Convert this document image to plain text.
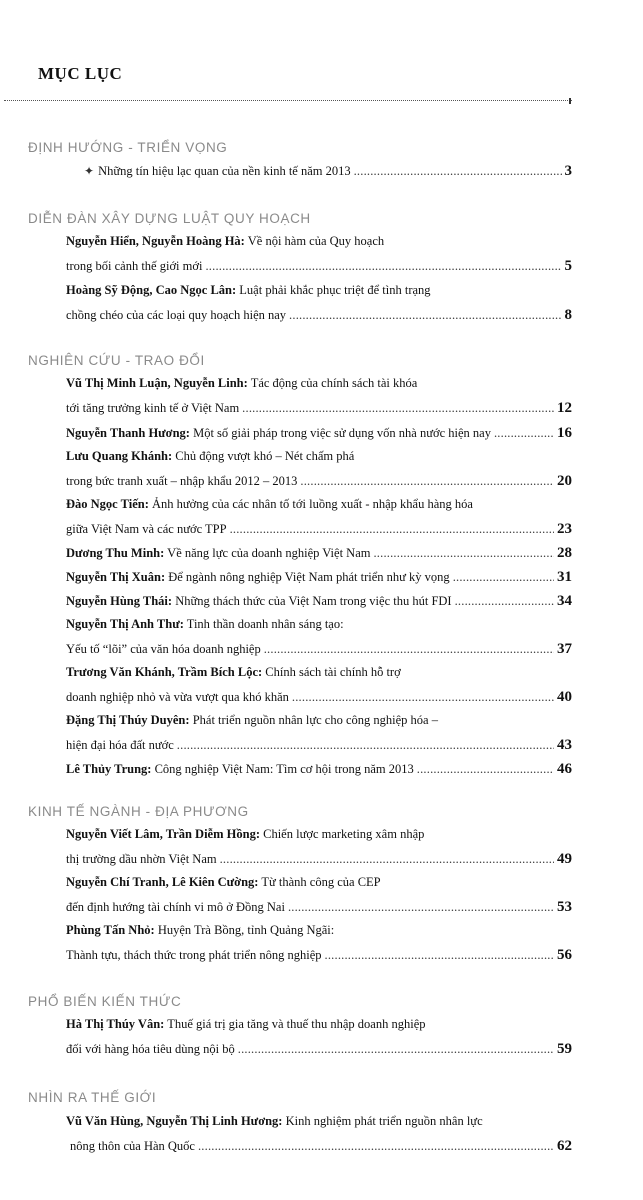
MỤC LỤC
ĐỊNH HƯỚNG - TRIỂN VỌNG
DIỄN ĐÀN XÂY DỰNG LUẬT QUY HOẠCH
NGHIÊN CỨU - TRAO ĐỔI
KINH TẾ NGÀNH - ĐỊA PHƯƠNG
PHỔ BIẾN KIẾN THỨC
NHÌN RA THẾ GIỚI
✦ Những tín hiệu lạc quan của nền kinh tế năm 2013 .....	3
Nguyễn Hiển, Nguyễn Hoàng Hà: Về nội hàm của Quy hoạch
trong bối cảnh thế giới mới .....	5
Hoàng Sỹ Động, Cao Ngọc Lân: Luật phải khắc phục triệt để tình trạng
chồng chéo của các loại quy hoạch hiện nay .....	8
Vũ Thị Minh Luận, Nguyễn Linh: Tác động của chính sách tài khóa
tới tăng trưởng kinh tế ở Việt Nam .....	12
Nguyễn Thanh Hương: Một số giải pháp trong việc sử dụng vốn nhà nước hiện nay .....	16
Lưu Quang Khánh: Chủ động vượt khó – Nét chấm phá
trong bức tranh xuất – nhập khẩu 2012 – 2013 .....	20
Đào Ngọc Tiến: Ảnh hưởng của các nhân tố tới luồng xuất - nhập khẩu hàng hóa
giữa Việt Nam và các nước TPP .....	23
Dương Thu Minh: Về năng lực của doanh nghiệp Việt Nam .....	28
Nguyễn Thị Xuân: Để ngành nông nghiệp Việt Nam phát triển như kỳ vọng .....	31
Nguyễn Hùng Thái: Những thách thức của Việt Nam trong việc thu hút FDI .....	34
Nguyễn Thị Anh Thư: Tinh thần doanh nhân sáng tạo:
Yếu tố “lõi” của văn hóa doanh nghiệp .....	37
Trương Văn Khánh, Trầm Bích Lộc: Chính sách tài chính hỗ trợ
doanh nghiệp nhỏ và vừa vượt qua khó khăn .....	40
Đặng Thị Thúy Duyên: Phát triển nguồn nhân lực cho công nghiệp hóa –
hiện đại hóa đất nước .....	43
Lê Thủy Trung: Công nghiệp Việt Nam: Tìm cơ hội trong năm 2013 .....	46
Nguyễn Viết Lâm, Trần Diễm Hồng: Chiến lược marketing xâm nhập
thị trường dầu nhờn Việt Nam .....	49
Nguyễn Chí Tranh, Lê Kiên Cường: Từ thành công của CEP
đến định hướng tài chính vi mô ở Đồng Nai .....	53
Phùng Tấn Nhỏ: Huyện Trà Bồng, tỉnh Quảng Ngãi:
Thành tựu, thách thức trong phát triển nông nghiệp .....	56
Hà Thị Thúy Vân: Thuế giá trị gia tăng và thuế thu nhập doanh nghiệp
đối với hàng hóa tiêu dùng nội bộ .....	59
Vũ Văn Hùng, Nguyễn Thị Linh Hương: Kinh nghiệm phát triển nguồn nhân lực
nông thôn của Hàn Quốc .....	62
